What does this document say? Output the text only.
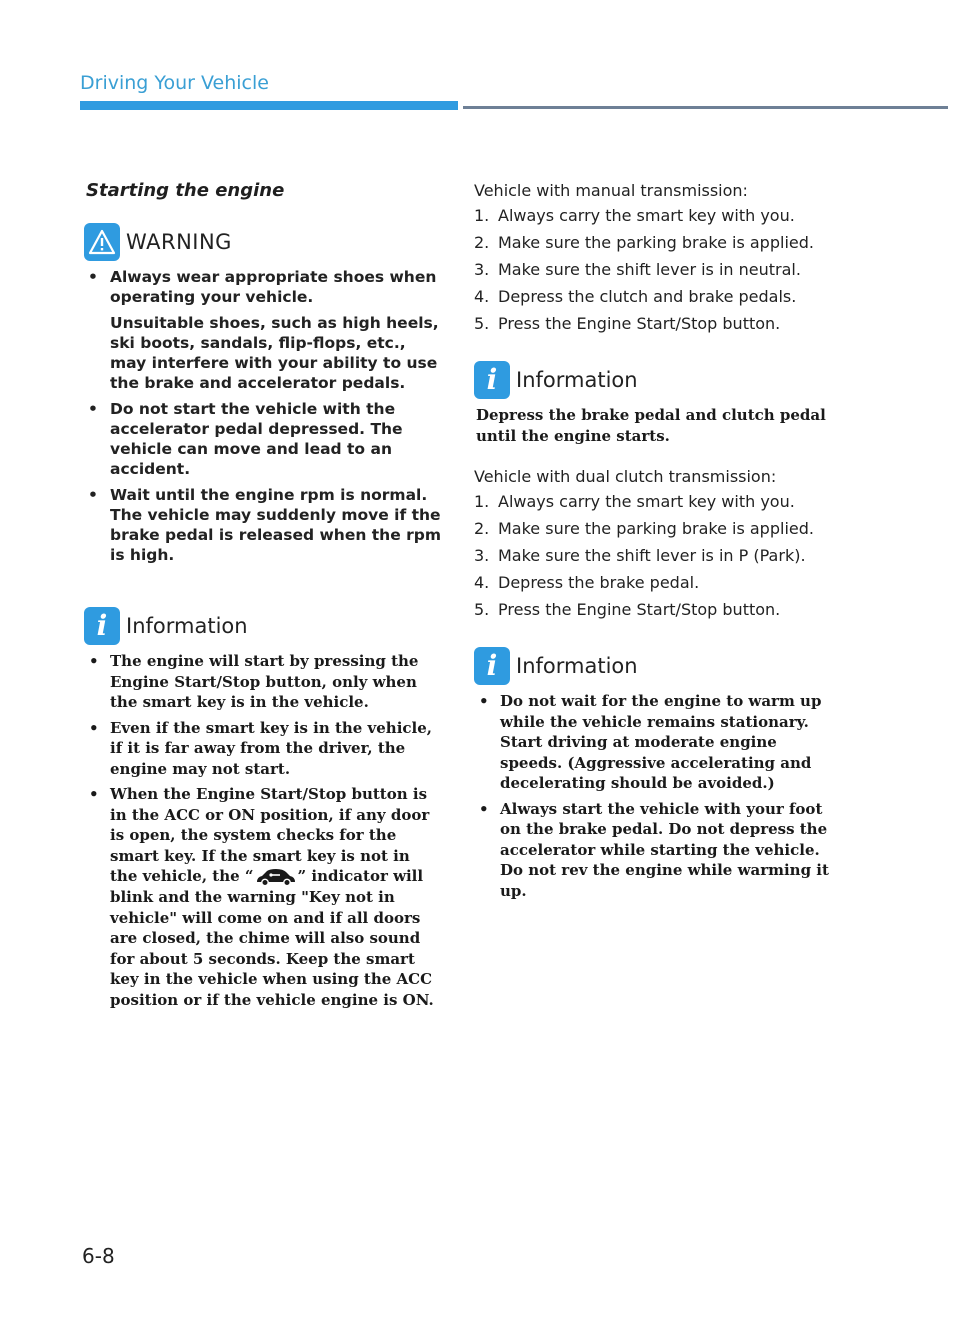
Driving Your Vehicle
Starting the engine
WARNING
• Always wear appropriate shoes when operating your vehicle.
Unsuitable shoes, such as high heels, ski boots, sandals, flip-flops, etc., may interfere with your ability to use the brake and accelerator pedals.
• Do not start the vehicle with the accelerator pedal depressed. The vehicle can move and lead to an accident.
• Wait until the engine rpm is normal. The vehicle may suddenly move if the brake pedal is released when the rpm is high.
i Information
• The engine will start by pressing the Engine Start/Stop button, only when the smart key is in the vehicle.
• Even if the smart key is in the vehicle, if it is far away from the driver, the engine may not start.
• When the Engine Start/Stop button is in the ACC or ON position, if any door is open, the system checks for the smart key. If the smart key is not in the vehicle, the “	” indicator will blink and the warning "Key not in vehicle" will come on and if all doors are closed, the chime will also sound for about 5 seconds. Keep the smart key in the vehicle when using the ACC position or if the vehicle engine is ON.
Vehicle with manual transmission:
1. Always carry the smart key with you.
2. Make sure the parking brake is applied.
3. Make sure the shift lever is in neutral.
4. Depress the clutch and brake pedals.
5. Press the Engine Start/Stop button.
i Information
Depress the brake pedal and clutch pedal until the engine starts.
Vehicle with dual clutch transmission:
1. Always carry the smart key with you.
2. Make sure the parking brake is applied.
3. Make sure the shift lever is in P (Park).
4. Depress the brake pedal.
5. Press the Engine Start/Stop button.
i Information
• Do not wait for the engine to warm up while the vehicle remains stationary. Start driving at moderate engine speeds. (Aggressive accelerating and decelerating should be avoided.)
• Always start the vehicle with your foot on the brake pedal. Do not depress the accelerator while starting the vehicle. Do not rev the engine while warming it up.
6-8
